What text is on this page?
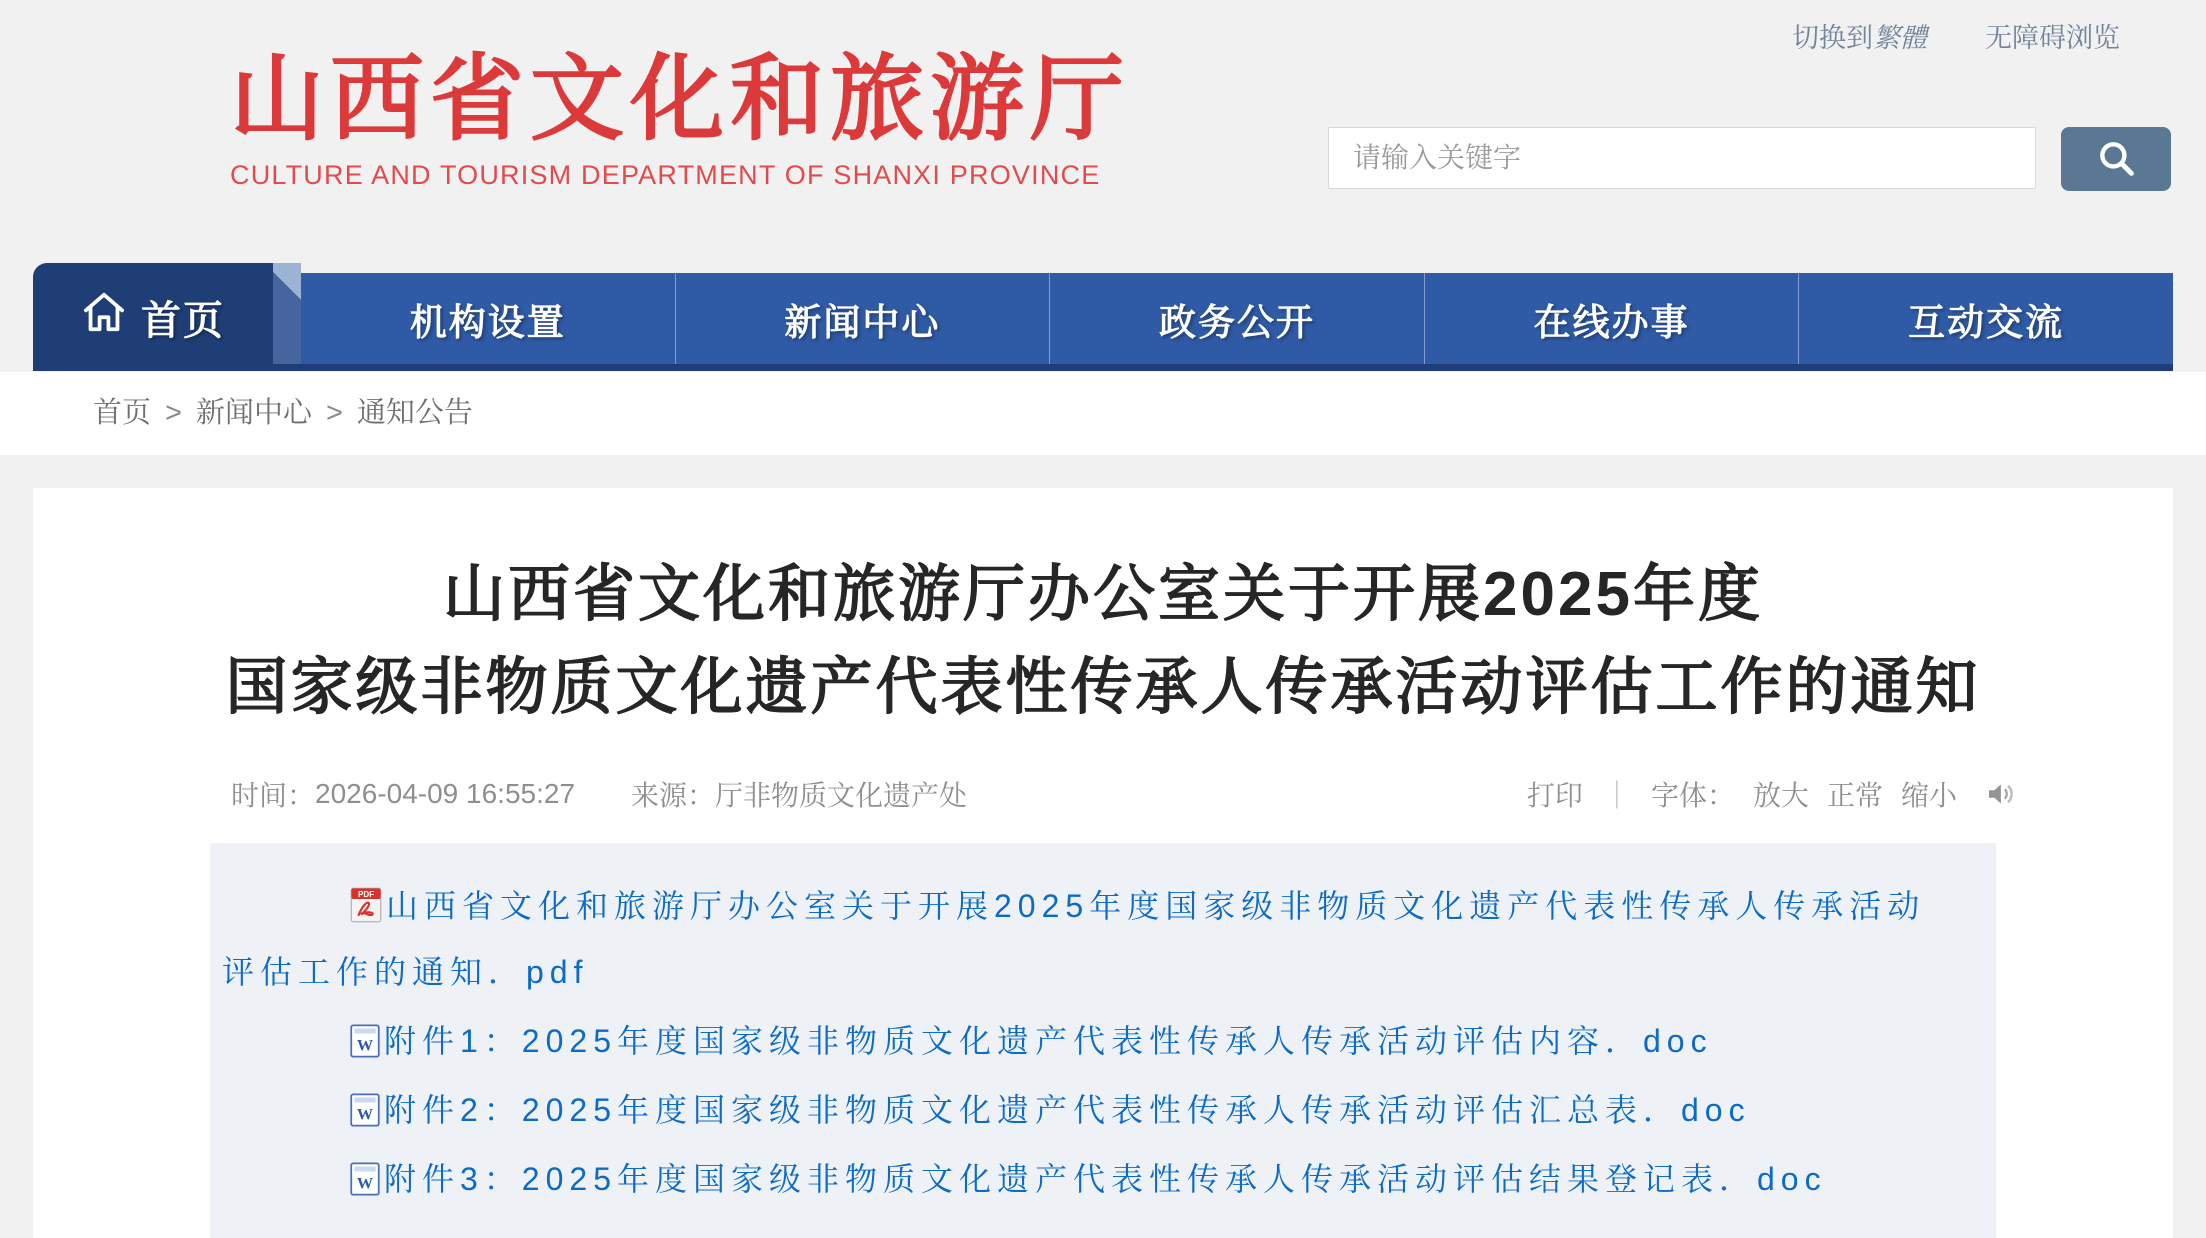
切换到繁體 无障碍浏览
山西省文化和旅游厅
CULTURE AND TOURISM DEPARTMENT OF SHANXI PROVINCE
请输入关键字
首页	机构设置	新闻中心	政务公开	在线办事	互动交流
首页 > 新闻中心 > 通知公告
山西省文化和旅游厅办公室关于开展2025年度
国家级非物质文化遗产代表性传承人传承活动评估工作的通知
时间： 2026-04-09 16:55:27 来源： 厅非物质文化遗产处	打印 ｜ 字体： 放大 正常 缩小

PDF 山西省文化和旅游厅办公室关于开展2025年度国家级非物质文化遗产代表性传承人传承活动评估工作的通知．pdf

W 附件1：2025年度国家级非物质文化遗产代表性传承人传承活动评估内容．doc

W 附件2：2025年度国家级非物质文化遗产代表性传承人传承活动评估汇总表．doc

W 附件3：2025年度国家级非物质文化遗产代表性传承人传承活动评估结果登记表．doc
